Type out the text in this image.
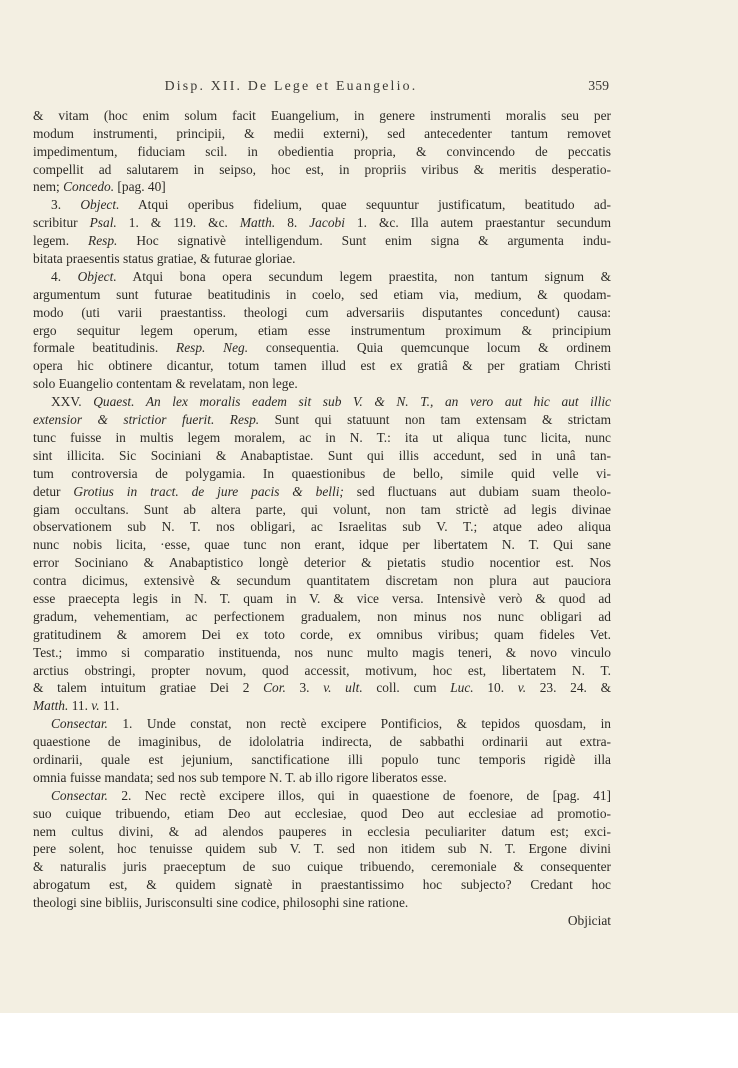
Disp. XII. De Lege et Euangelio.	359
& vitam (hoc enim solum facit Euangelium, in genere instrumenti moralis seu per
modum instrumenti, principii, & medii externi), sed antecedenter tantum removet
impedimentum, fiduciam scil. in obedientia propria, & convincendo de peccatis
compellit ad salutarem in seipso, hoc est, in propriis viribus & meritis desperatio-
nem; Concedo. [pag. 40]
3. Object. Atqui operibus fidelium, quae sequuntur justificatum, beatitudo ad-
scribitur Psal. 1. & 119. &c. Matth. 8. Jacobi 1. &c. Illa autem praestantur secundum
legem. Resp. Hoc signativè intelligendum. Sunt enim signa & argumenta indu-
bitata praesentis status gratiae, & futurae gloriae.
4. Object. Atqui bona opera secundum legem praestita, non tantum signum &
argumentum sunt futurae beatitudinis in coelo, sed etiam via, medium, & quodam-
modo (uti varii praestantiss. theologi cum adversariis disputantes concedunt) causa:
ergo sequitur legem operum, etiam esse instrumentum proximum & principium
formale beatitudinis. Resp. Neg. consequentia. Quia quemcunque locum & ordinem
opera hic obtinere dicantur, totum tamen illud est ex gratiâ & per gratiam Christi
solo Euangelio contentam & revelatam, non lege.
XXV. Quaest. An lex moralis eadem sit sub V. & N. T., an vero aut hic aut illic
extensior & strictior fuerit. Resp. Sunt qui statuunt non tam extensam & strictam
tunc fuisse in multis legem moralem, ac in N. T.: ita ut aliqua tunc licita, nunc
sint illicita. Sic Sociniani & Anabaptistae. Sunt qui illis accedunt, sed in unâ tan-
tum controversia de polygamia. In quaestionibus de bello, simile quid velle vi-
detur Grotius in tract. de jure pacis & belli; sed fluctuans aut dubiam suam theolo-
giam occultans. Sunt ab altera parte, qui volunt, non tam strictè ad legis divinae
observationem sub N. T. nos obligari, ac Israelitas sub V. T.; atque adeo aliqua
nunc nobis licita, ·esse, quae tunc non erant, idque per libertatem N. T. Qui sane
error Sociniano & Anabaptistico longè deterior & pietatis studio nocentior est. Nos
contra dicimus, extensivè & secundum quantitatem discretam non plura aut pauciora
esse praecepta legis in N. T. quam in V. & vice versa. Intensivè verò & quod ad
gradum, vehementiam, ac perfectionem gradualem, non minus nos nunc obligari ad
gratitudinem & amorem Dei ex toto corde, ex omnibus viribus; quam fideles Vet.
Test.; immo si comparatio instituenda, nos nunc multo magis teneri, & novo vinculo
arctius obstringi, propter novum, quod accessit, motivum, hoc est, libertatem N. T.
& talem intuitum gratiae Dei 2 Cor. 3. v. ult. coll. cum Luc. 10. v. 23. 24. &
Matth. 11. v. 11.
Consectar. 1. Unde constat, non rectè excipere Pontificios, & tepidos quosdam, in
quaestione de imaginibus, de idololatria indirecta, de sabbathi ordinarii aut extra-
ordinarii, quale est jejunium, sanctificatione illi populo tunc temporis rigidè illa
omnia fuisse mandata; sed nos sub tempore N. T. ab illo rigore liberatos esse.
Consectar. 2. Nec rectè excipere illos, qui in quaestione de foenore, de [pag. 41]
suo cuique tribuendo, etiam Deo aut ecclesiae, quod Deo aut ecclesiae ad promotio-
nem cultus divini, & ad alendos pauperes in ecclesia peculiariter datum est; exci-
pere solent, hoc tenuisse quidem sub V. T. sed non itidem sub N. T. Ergone divini
& naturalis juris praeceptum de suo cuique tribuendo, ceremoniale & consequenter
abrogatum est, & quidem signatè in praestantissimo hoc subjecto? Credant hoc
theologi sine bibliis, Jurisconsulti sine codice, philosophi sine ratione.
Objiciat
